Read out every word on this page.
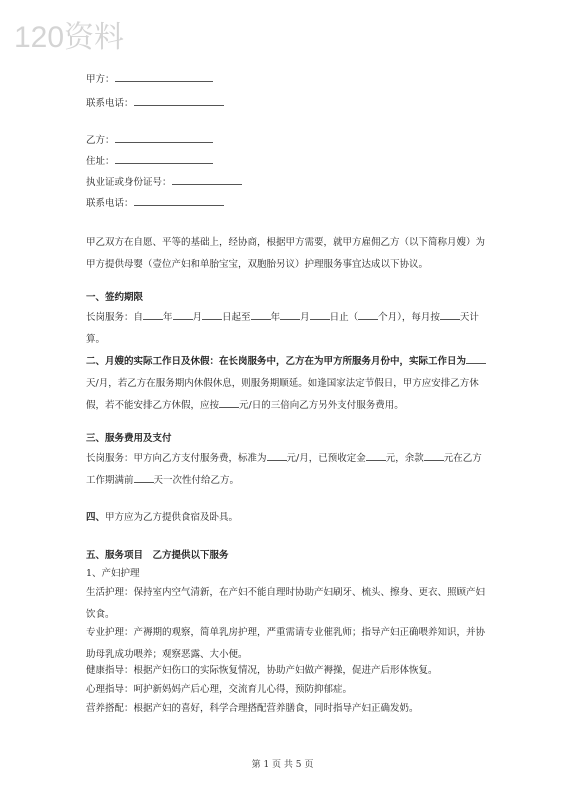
120资料
甲方：
联系电话：
乙方：
住址：
执业证或身份证号：
联系电话：
甲乙双方在自愿、平等的基础上，经协商，根据甲方需要，就甲方雇佣乙方（以下简称月嫂）为甲方提供母婴（壹位产妇和单胎宝宝，双胞胎另议）护理服务事宜达成以下协议。
一、签约期限
长岗服务：自 年 月 日起至 年 月 日止（ 个月），每月按 天计算。
二、月嫂的实际工作日及休假：在长岗服务中，乙方在为甲方所服务月份中，实际工作日为天/月，若乙方在服务期内休假休息，则服务期顺延。如逢国家法定节假日，甲方应安排乙方休假，若不能安排乙方休假，应按 元/日的三倍向乙方另外支付服务费用。
三、服务费用及支付
长岗服务：甲方向乙方支付服务费，标准为 元/月，已预收定金 元，余款 元在乙方工作期满前 天一次性付给乙方。
四、甲方应为乙方提供食宿及卧具。
五、服务项目　乙方提供以下服务
1、产妇护理
生活护理：保持室内空气清新，在产妇不能自理时协助产妇刷牙、梳头、擦身、更衣、照顾产妇饮食。
专业护理：产褥期的观察，简单乳房护理，严重需请专业催乳师；指导产妇正确喂养知识，并协助母乳成功喂养；观察恶露、大小便。
健康指导：根据产妇伤口的实际恢复情况，协助产妇做产褥操，促进产后形体恢复。
心理指导：呵护新妈妈产后心理，交流育儿心得，预防抑郁症。
营养搭配：根据产妇的喜好，科学合理搭配营养膳食，同时指导产妇正确发奶。
第 1 页 共 5 页
